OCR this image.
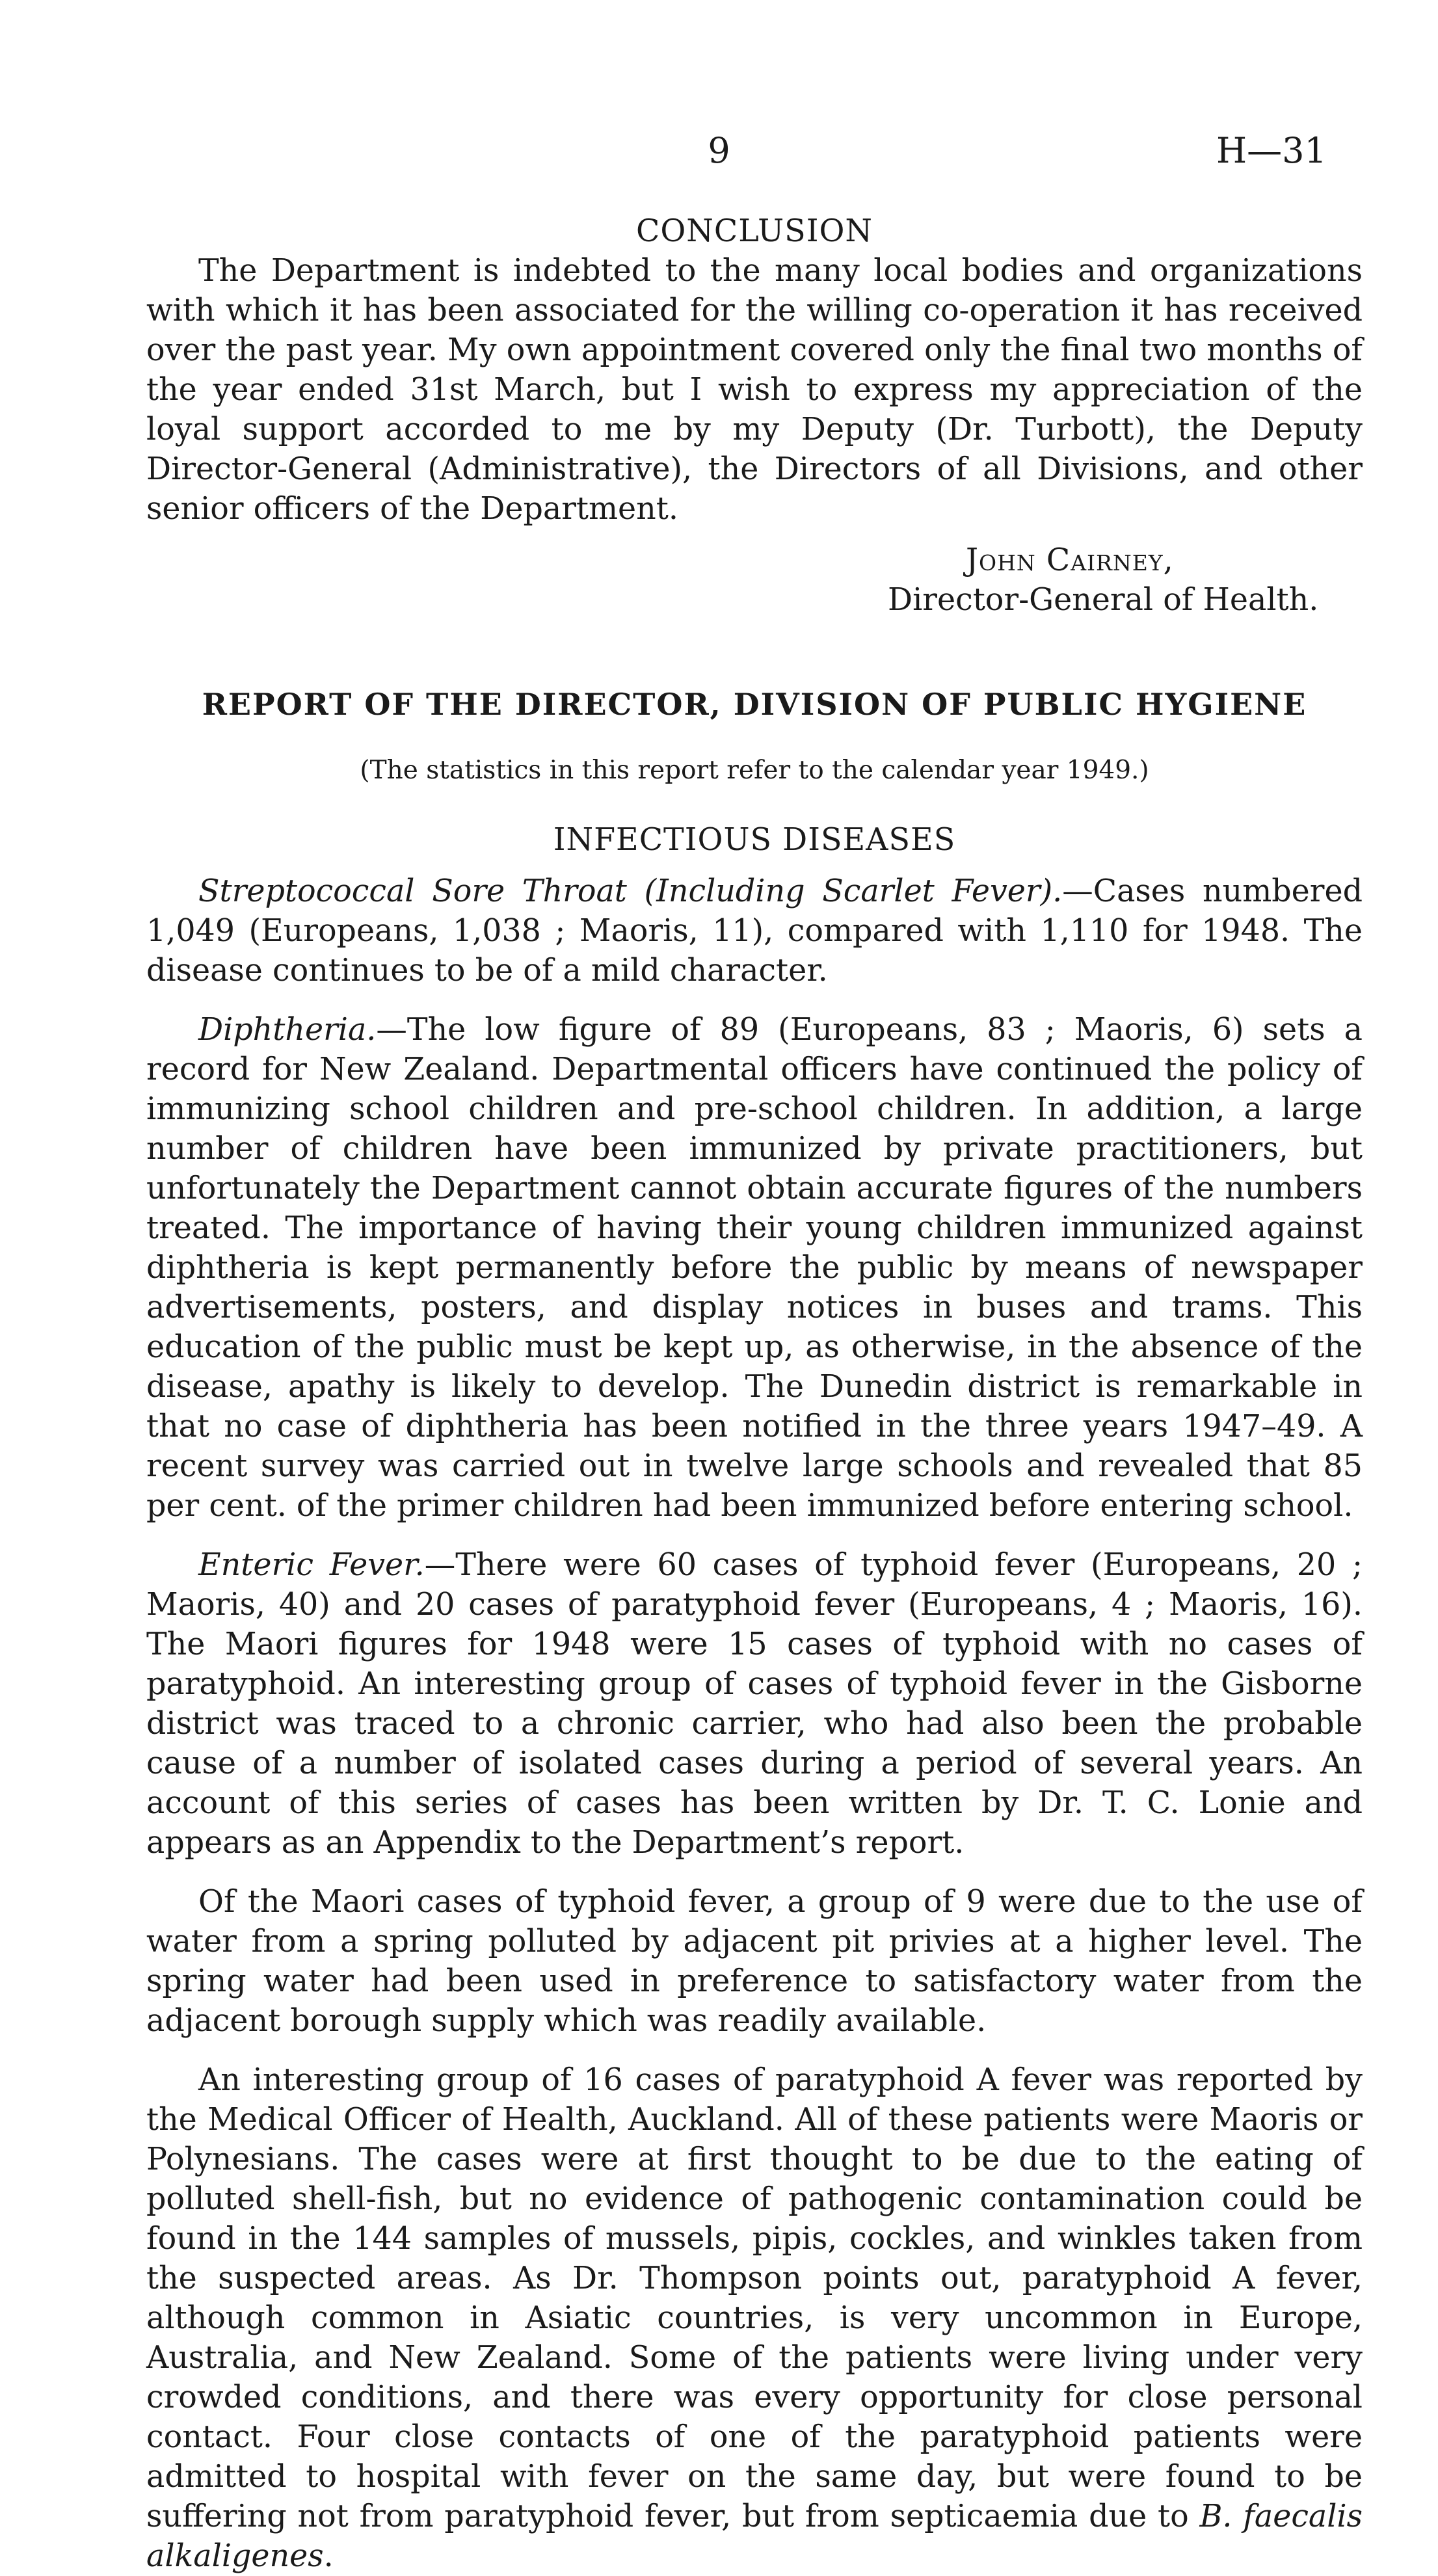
9	H—31

CONCLUSION

The Department is indebted to the many local bodies and organizations with which it has been associated for the willing co-operation it has received over the past year. My own appointment covered only the final two months of the year ended 31st March, but I wish to express my appreciation of the loyal support accorded to me by my Deputy (Dr. Turbott), the Deputy Director-General (Administrative), the Directors of all Divisions, and other senior officers of the Department.

John Cairney,

Director-General of Health.

REPORT OF THE DIRECTOR, DIVISION OF PUBLIC HYGIENE

(The statistics in this report refer to the calendar year 1949.)

INFECTIOUS DISEASES

Streptococcal Sore Throat (Including Scarlet Fever).—Cases numbered 1,049 (Europeans, 1,038 ; Maoris, 11), compared with 1,110 for 1948. The disease continues to be of a mild character.

Diphtheria.—The low figure of 89 (Europeans, 83 ; Maoris, 6) sets a record for New Zealand. Departmental officers have continued the policy of immunizing school children and pre-school children. In addition, a large number of children have been immunized by private practitioners, but unfortunately the Department cannot obtain accurate figures of the numbers treated. The importance of having their young children immunized against diphtheria is kept permanently before the public by means of newspaper advertisements, posters, and display notices in buses and trams. This education of the public must be kept up, as otherwise, in the absence of the disease, apathy is likely to develop. The Dunedin district is remarkable in that no case of diphtheria has been notified in the three years 1947–49. A recent survey was carried out in twelve large schools and revealed that 85 per cent. of the primer children had been immunized before entering school.

Enteric Fever.—There were 60 cases of typhoid fever (Europeans, 20 ; Maoris, 40) and 20 cases of paratyphoid fever (Europeans, 4 ; Maoris, 16). The Maori figures for 1948 were 15 cases of typhoid with no cases of paratyphoid. An interesting group of cases of typhoid fever in the Gisborne district was traced to a chronic carrier, who had also been the probable cause of a number of isolated cases during a period of several years. An account of this series of cases has been written by Dr. T. C. Lonie and appears as an Appendix to the Department’s report.

Of the Maori cases of typhoid fever, a group of 9 were due to the use of water from a spring polluted by adjacent pit privies at a higher level. The spring water had been used in preference to satisfactory water from the adjacent borough supply which was readily available.

An interesting group of 16 cases of paratyphoid A fever was reported by the Medical Officer of Health, Auckland. All of these patients were Maoris or Polynesians. The cases were at first thought to be due to the eating of polluted shell-fish, but no evidence of pathogenic contamination could be found in the 144 samples of mussels, pipis, cockles, and winkles taken from the suspected areas. As Dr. Thompson points out, paratyphoid A fever, although common in Asiatic countries, is very uncommon in Europe, Australia, and New Zealand. Some of the patients were living under very crowded conditions, and there was every opportunity for close personal contact. Four close contacts of one of the paratyphoid patients were admitted to hospital with fever on the same day, but were found to be suffering not from paratyphoid fever, but from septicaemia due to B. faecalis alkaligenes.
